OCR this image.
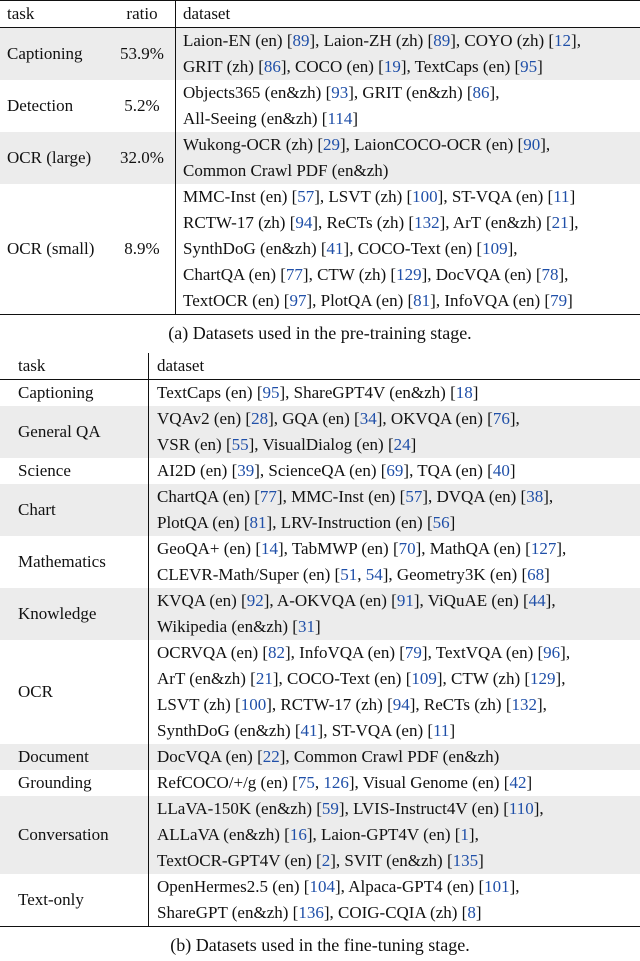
task	ratio	dataset
Captioning	53.9%	Laion-EN (en) [89], Laion-ZH (zh) [89], COYO (zh) [12],
GRIT (zh) [86], COCO (en) [19], TextCaps (en) [95]

Detection	5.2%	Objects365 (en&zh) [93], GRIT (en&zh) [86],
All-Seeing (en&zh) [114]

OCR (large)	32.0%	Wukong-OCR (zh) [29], LaionCOCO-OCR (en) [90],
Common Crawl PDF (en&zh)

OCR (small)	8.9%	MMC-Inst (en) [57], LSVT (zh) [100], ST-VQA (en) [11]
RCTW-17 (zh) [94], ReCTs (zh) [132], ArT (en&zh) [21],
SynthDoG (en&zh) [41], COCO-Text (en) [109],
ChartQA (en) [77], CTW (zh) [129], DocVQA (en) [78],
TextOCR (en) [97], PlotQA (en) [81], InfoVQA (en) [79]
(a) Datasets used in the pre-training stage.
task	dataset
Captioning	TextCaps (en) [95], ShareGPT4V (en&zh) [18]

General QA	VQAv2 (en) [28], GQA (en) [34], OKVQA (en) [76],
VSR (en) [55], VisualDialog (en) [24]

Science	AI2D (en) [39], ScienceQA (en) [69], TQA (en) [40]

Chart	ChartQA (en) [77], MMC-Inst (en) [57], DVQA (en) [38],
PlotQA (en) [81], LRV-Instruction (en) [56]

Mathematics	GeoQA+ (en) [14], TabMWP (en) [70], MathQA (en) [127],
CLEVR-Math/Super (en) [51, 54], Geometry3K (en) [68]

Knowledge	KVQA (en) [92], A-OKVQA (en) [91], ViQuAE (en) [44],
Wikipedia (en&zh) [31]

OCR	OCRVQA (en) [82], InfoVQA (en) [79], TextVQA (en) [96],
ArT (en&zh) [21], COCO-Text (en) [109], CTW (zh) [129],
LSVT (zh) [100], RCTW-17 (zh) [94], ReCTs (zh) [132],
SynthDoG (en&zh) [41], ST-VQA (en) [11]

Document	DocVQA (en) [22], Common Crawl PDF (en&zh)

Grounding	RefCOCO/+/g (en) [75, 126], Visual Genome (en) [42]

Conversation	LLaVA-150K (en&zh) [59], LVIS-Instruct4V (en) [110],
ALLaVA (en&zh) [16], Laion-GPT4V (en) [1],
TextOCR-GPT4V (en) [2], SVIT (en&zh) [135]

Text-only	OpenHermes2.5 (en) [104], Alpaca-GPT4 (en) [101],
ShareGPT (en&zh) [136], COIG-CQIA (zh) [8]
(b) Datasets used in the fine-tuning stage.
